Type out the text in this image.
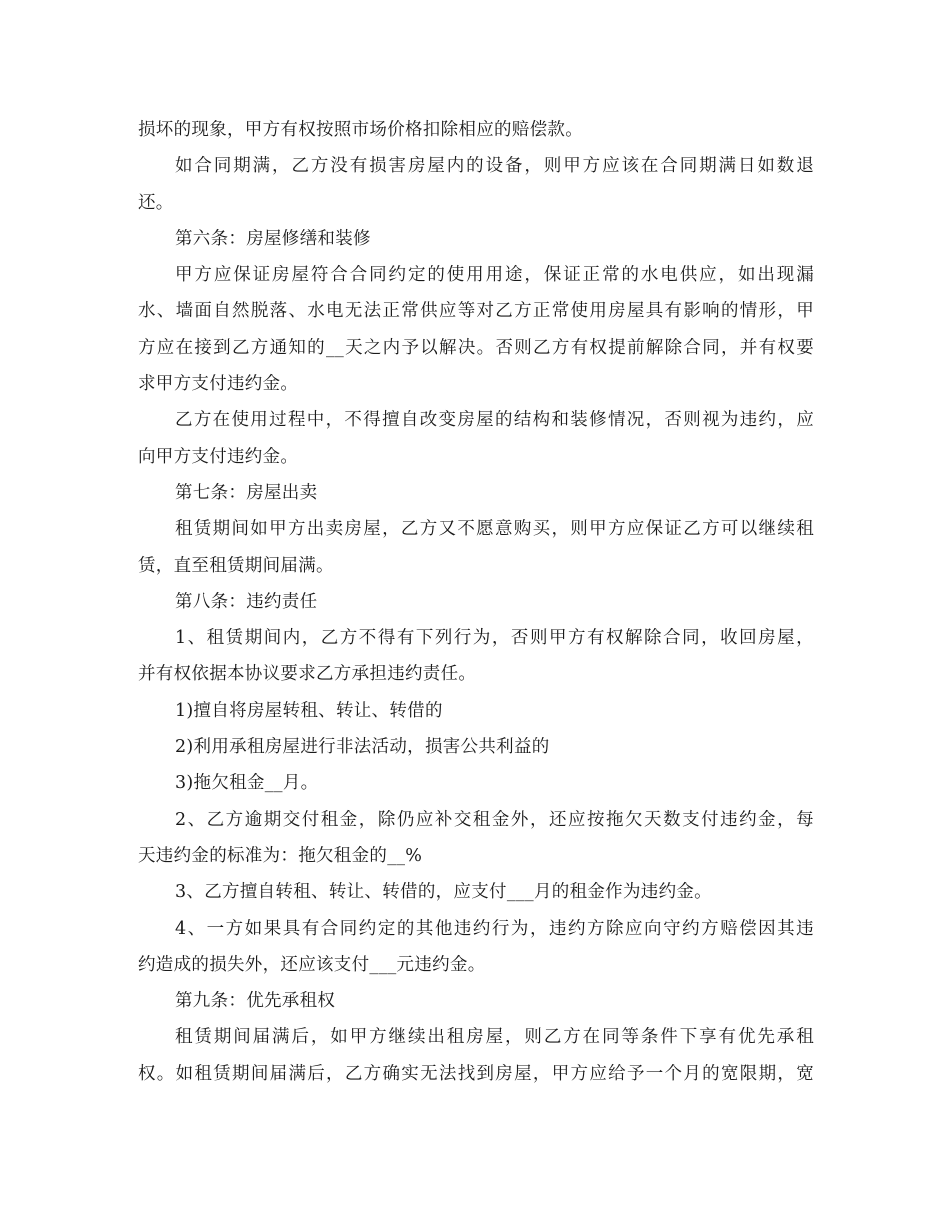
损坏的现象，甲方有权按照市场价格扣除相应的赔偿款。
如合同期满，乙方没有损害房屋内的设备，则甲方应该在合同期满日如数退
还。
第六条：房屋修缮和装修
甲方应保证房屋符合合同约定的使用用途，保证正常的水电供应，如出现漏
水、墙面自然脱落、水电无法正常供应等对乙方正常使用房屋具有影响的情形，甲
方应在接到乙方通知的__天之内予以解决。否则乙方有权提前解除合同，并有权要
求甲方支付违约金。
乙方在使用过程中，不得擅自改变房屋的结构和装修情况，否则视为违约，应
向甲方支付违约金。
第七条：房屋出卖
租赁期间如甲方出卖房屋，乙方又不愿意购买，则甲方应保证乙方可以继续租
赁，直至租赁期间届满。
第八条：违约责任
1、租赁期间内，乙方不得有下列行为，否则甲方有权解除合同，收回房屋，
并有权依据本协议要求乙方承担违约责任。
1)擅自将房屋转租、转让、转借的
2)利用承租房屋进行非法活动，损害公共利益的
3)拖欠租金__月。
2、乙方逾期交付租金，除仍应补交租金外，还应按拖欠天数支付违约金，每
天违约金的标准为：拖欠租金的__%
3、乙方擅自转租、转让、转借的，应支付___月的租金作为违约金。
4、一方如果具有合同约定的其他违约行为，违约方除应向守约方赔偿因其违
约造成的损失外，还应该支付___元违约金。
第九条：优先承租权
租赁期间届满后，如甲方继续出租房屋，则乙方在同等条件下享有优先承租
权。如租赁期间届满后，乙方确实无法找到房屋，甲方应给予一个月的宽限期，宽
